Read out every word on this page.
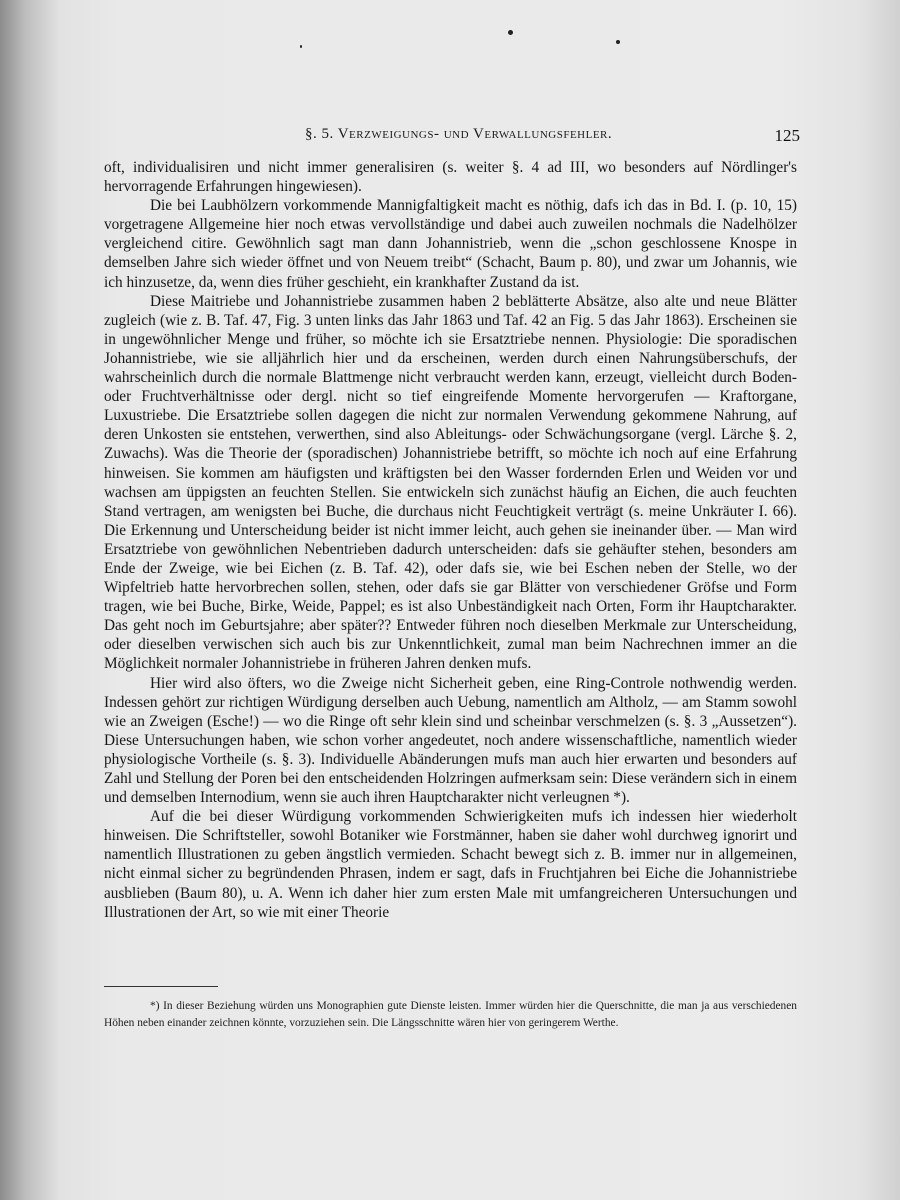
§. 5. Verzweigungs- und Verwallungsfehler.	125

oft, individualisiren und nicht immer generalisiren (s. weiter §. 4 ad III, wo besonders auf Nördlinger's hervorragende Erfahrungen hingewiesen).

Die bei Laubhölzern vorkommende Mannigfaltigkeit macht es nöthig, dafs ich das in Bd. I. (p. 10, 15) vorgetragene Allgemeine hier noch etwas vervollständige und dabei auch zuweilen nochmals die Nadelhölzer vergleichend citire. Gewöhnlich sagt man dann Johannistrieb, wenn die „schon geschlossene Knospe in demselben Jahre sich wieder öffnet und von Neuem treibt“ (Schacht, Baum p. 80), und zwar um Johannis, wie ich hinzusetze, da, wenn dies früher geschieht, ein krankhafter Zustand da ist.

Diese Maitriebe und Johannistriebe zusammen haben 2 beblätterte Absätze, also alte und neue Blätter zugleich (wie z. B. Taf. 47, Fig. 3 unten links das Jahr 1863 und Taf. 42 an Fig. 5 das Jahr 1863). Erscheinen sie in ungewöhnlicher Menge und früher, so möchte ich sie Ersatztriebe nennen. Physiologie: Die sporadischen Johannistriebe, wie sie alljährlich hier und da erscheinen, werden durch einen Nahrungsüberschufs, der wahrscheinlich durch die normale Blattmenge nicht verbraucht werden kann, erzeugt, vielleicht durch Boden- oder Fruchtverhältnisse oder dergl. nicht so tief eingreifende Momente hervorgerufen — Kraftorgane, Luxustriebe. Die Ersatztriebe sollen dagegen die nicht zur normalen Verwendung gekommene Nahrung, auf deren Unkosten sie entstehen, verwerthen, sind also Ableitungs- oder Schwächungsorgane (vergl. Lärche §. 2, Zuwachs). Was die Theorie der (sporadischen) Johannistriebe betrifft, so möchte ich noch auf eine Erfahrung hinweisen. Sie kommen am häufigsten und kräftigsten bei den Wasser fordernden Erlen und Weiden vor und wachsen am üppigsten an feuchten Stellen. Sie entwickeln sich zunächst häufig an Eichen, die auch feuchten Stand vertragen, am wenigsten bei Buche, die durchaus nicht Feuchtigkeit verträgt (s. meine Unkräuter I. 66). Die Erkennung und Unterscheidung beider ist nicht immer leicht, auch gehen sie ineinander über. — Man wird Ersatztriebe von gewöhnlichen Nebentrieben dadurch unterscheiden: dafs sie gehäufter stehen, besonders am Ende der Zweige, wie bei Eichen (z. B. Taf. 42), oder dafs sie, wie bei Eschen neben der Stelle, wo der Wipfeltrieb hatte hervorbrechen sollen, stehen, oder dafs sie gar Blätter von verschiedener Gröfse und Form tragen, wie bei Buche, Birke, Weide, Pappel; es ist also Unbeständigkeit nach Orten, Form ihr Hauptcharakter. Das geht noch im Geburtsjahre; aber später?? Entweder führen noch dieselben Merkmale zur Unterscheidung, oder dieselben verwischen sich auch bis zur Unkenntlichkeit, zumal man beim Nachrechnen immer an die Möglichkeit normaler Johannistriebe in früheren Jahren denken mufs.

Hier wird also öfters, wo die Zweige nicht Sicherheit geben, eine Ring-Controle nothwendig werden. Indessen gehört zur richtigen Würdigung derselben auch Uebung, namentlich am Altholz, — am Stamm sowohl wie an Zweigen (Esche!) — wo die Ringe oft sehr klein sind und scheinbar verschmelzen (s. §. 3 „Aussetzen“). Diese Untersuchungen haben, wie schon vorher angedeutet, noch andere wissenschaftliche, namentlich wieder physiologische Vortheile (s. §. 3). Individuelle Abänderungen mufs man auch hier erwarten und besonders auf Zahl und Stellung der Poren bei den entscheidenden Holzringen aufmerksam sein: Diese verändern sich in einem und demselben Internodium, wenn sie auch ihren Hauptcharakter nicht verleugnen *).

Auf die bei dieser Würdigung vorkommenden Schwierigkeiten mufs ich indessen hier wiederholt hinweisen. Die Schriftsteller, sowohl Botaniker wie Forstmänner, haben sie daher wohl durchweg ignorirt und namentlich Illustrationen zu geben ängstlich vermieden. Schacht bewegt sich z. B. immer nur in allgemeinen, nicht einmal sicher zu begründenden Phrasen, indem er sagt, dafs in Fruchtjahren bei Eiche die Johannistriebe ausblieben (Baum 80), u. A. Wenn ich daher hier zum ersten Male mit umfangreicheren Untersuchungen und Illustrationen der Art, so wie mit einer Theorie

*) In dieser Beziehung würden uns Monographien gute Dienste leisten. Immer würden hier die Querschnitte, die man ja aus verschiedenen Höhen neben einander zeichnen könnte, vorzuziehen sein. Die Längsschnitte wären hier von geringerem Werthe.
